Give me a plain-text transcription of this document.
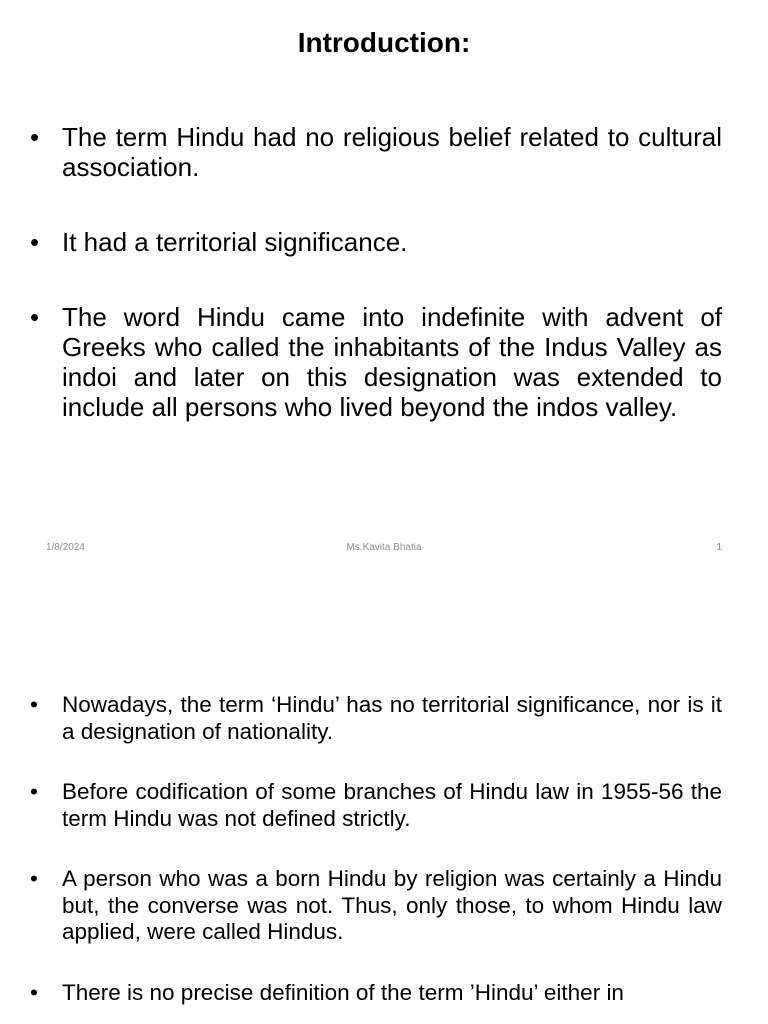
Introduction:
• The term Hindu had no religious belief related to cultural association.
• It had a territorial significance.
• The word Hindu came into indefinite with advent of Greeks who called the inhabitants of the Indus Valley as indoi and later on this designation was extended to include all persons who lived beyond the indos valley.
1/8/2024	Ms.Kavita Bhatia	1
• Nowadays, the term ‘Hindu’ has no territorial significance, nor is it a designation of nationality.
• Before codification of some branches of Hindu law in 1955-56 the term Hindu was not defined strictly.
• A person who was a born Hindu by religion was certainly a Hindu but, the converse was not. Thus, only those, to whom Hindu law applied, were called Hindus.
• There is no precise definition of the term ’Hindu’ either in
